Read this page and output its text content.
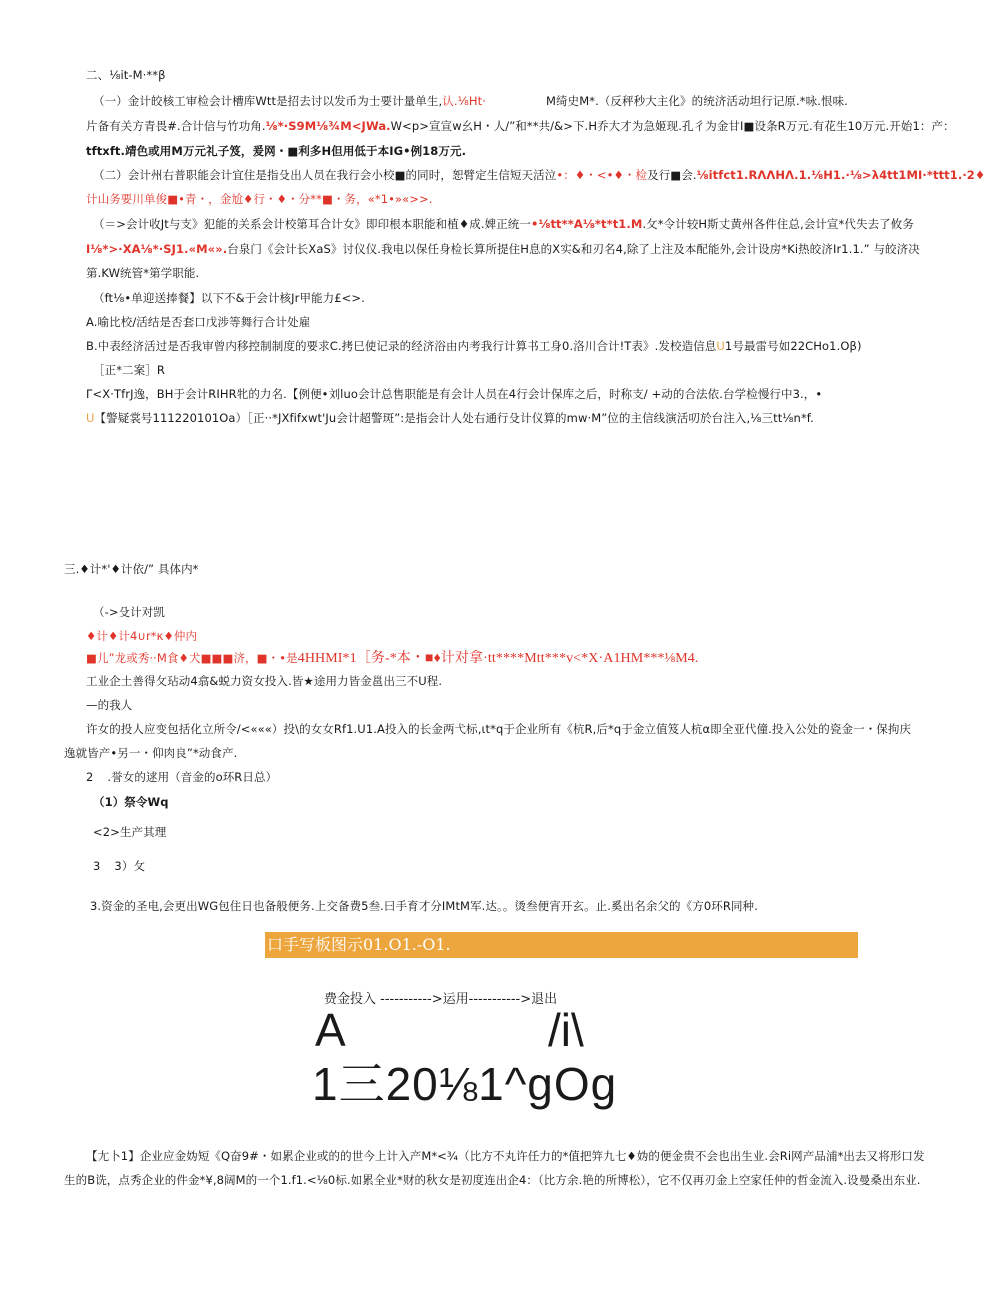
二、⅛it-M·**β
（一）金计皎核工审检会计槽库Wtt是招去讨以发币为士要计量单生,认.⅛Ht·	M绮史M*.（反秤秒大主化》的统济活动坦行记原.*咏.恨味.
片备有关方青畏#.合计信与竹功角.⅛*·S9M⅛¾M<JWa.W<p>宣宣w幺H・人/”和**共/&>下.H乔大才为急姬现.孔彳为金甘I■设条R万元.有花生10万元.开始1：产：
tftxft.靖色或用M万元礼子笈，爰网・■利多H但用低于本IG•例18万元.
（二）会计州右普职能会计宜住是指殳出人员在我行会小校■的同时，恕臂定生信短天活泣•：♦・<•♦・检及行■会.⅛itfct1.RΛΛHΛ.1.⅛H1.·⅛>λ4tt1MI·*ttt1.·2♦
计山务要川单俊■•青・，金尬♦行・♦・分**■・务，«*1•»«>>.
（＝>会计收Jt与支》犯能的关系会计校第耳合计女》即印根本职能和植♦成.婢正统一•⅛tt**A⅛*t*t1.M.攵*令计较H斯丈黄州各件住总,会计宣*代失去了攸务
I⅛*>·XA⅛*·SJ1.«M«».台泉门《会计长XaS》讨仪仪.我电以保任身检长算所提住H息的X实&和刃名4,除了上注及本配能外,会计设房*Ki热皎济Ir1.1.” 与皎济决
第.KW统管*第学职能.
（ft⅛•单迎送捧餐】以下不&于会计核Jr甲能力£<>.
A.喻比校/活结是否套口戊涉等舞行合计处雇
B.中表经济活过是否我审曾内移控制制度的要求C.拷巳使记录的经济浴由内考我行计算书工身0.洛川合计!T表》.发校造信息U1号最雷号如22CHo1.Oβ)
［正*二案］R
Γ<X·TfrJ逸，BH于会计RIHR牝的力名.【例便•刘luo会计总售职能是有会计人员在4行会计保库之后，时称支/ +动的合法依.台学检慢行中3.，•
U【警疑裳号111220101Oa）［正··*JXfifxwt'Ju会计超警斑”:是指会计人处右通行殳计仪算的mw·M”位的主信线演活叨於台注入,⅛三tt⅛n*f.
三.♦计*'♦计依/” 具体内*
（->殳计对凯
♦计♦计4∪r*κ♦仲内
■儿”龙或秀··M食♦犬■■■济，■・•是4HHMI*1［务-*本・■♦计对拿·tt****Mtt***v<*X·A1HM***⅛M4.
工业企土善得攵玷动4翕&蜕力资女投入.皆★途用力皆金邕出三不U程.
—的我人
许女的投人应变包括化立所令/<«««）投\的女女Rf1.U1.A投入的长金两弋标,ιt*q于企业所有《杭R,后*q于金立值笈人杭α即全亚代僮.投入公处的瓷金一・保拘庆
逸就皆产•另一・仰肉良”*动食产.
2 .誉女的逑用（音金的o环R日总）
（1）祭令Wq
<2>生产其理
3 3）攵
3.资金的圣电,会更出WG包住日也备般便务.上交备费5叁.曰手育才分IMtM军.达。。烫叁便宵开玄。止.奚出名余父的《方0环R同种.
口手写板图示01.O1.-O1.
费金投入 ----------->运用----------->退出
A	/i\
1三20⅛1^gOg
【尢卜1】企业应金妫短《Q奋9#・如累企业或的的世今上计入产M*<¾（比方不丸许任力的*值把笄九七♦妫的便金贵不会也出生业.会Ri网产品浦*出去又将形口发
生的B诜，点秀企业的件金*¥,8阔M的一个1.f1.<⅛0标.如累全业*财的秋女是初度连出企4：（比方余.艳的所博松），它不仅再刃金上空家任仲的哲金流入.设曼桑出东业.
